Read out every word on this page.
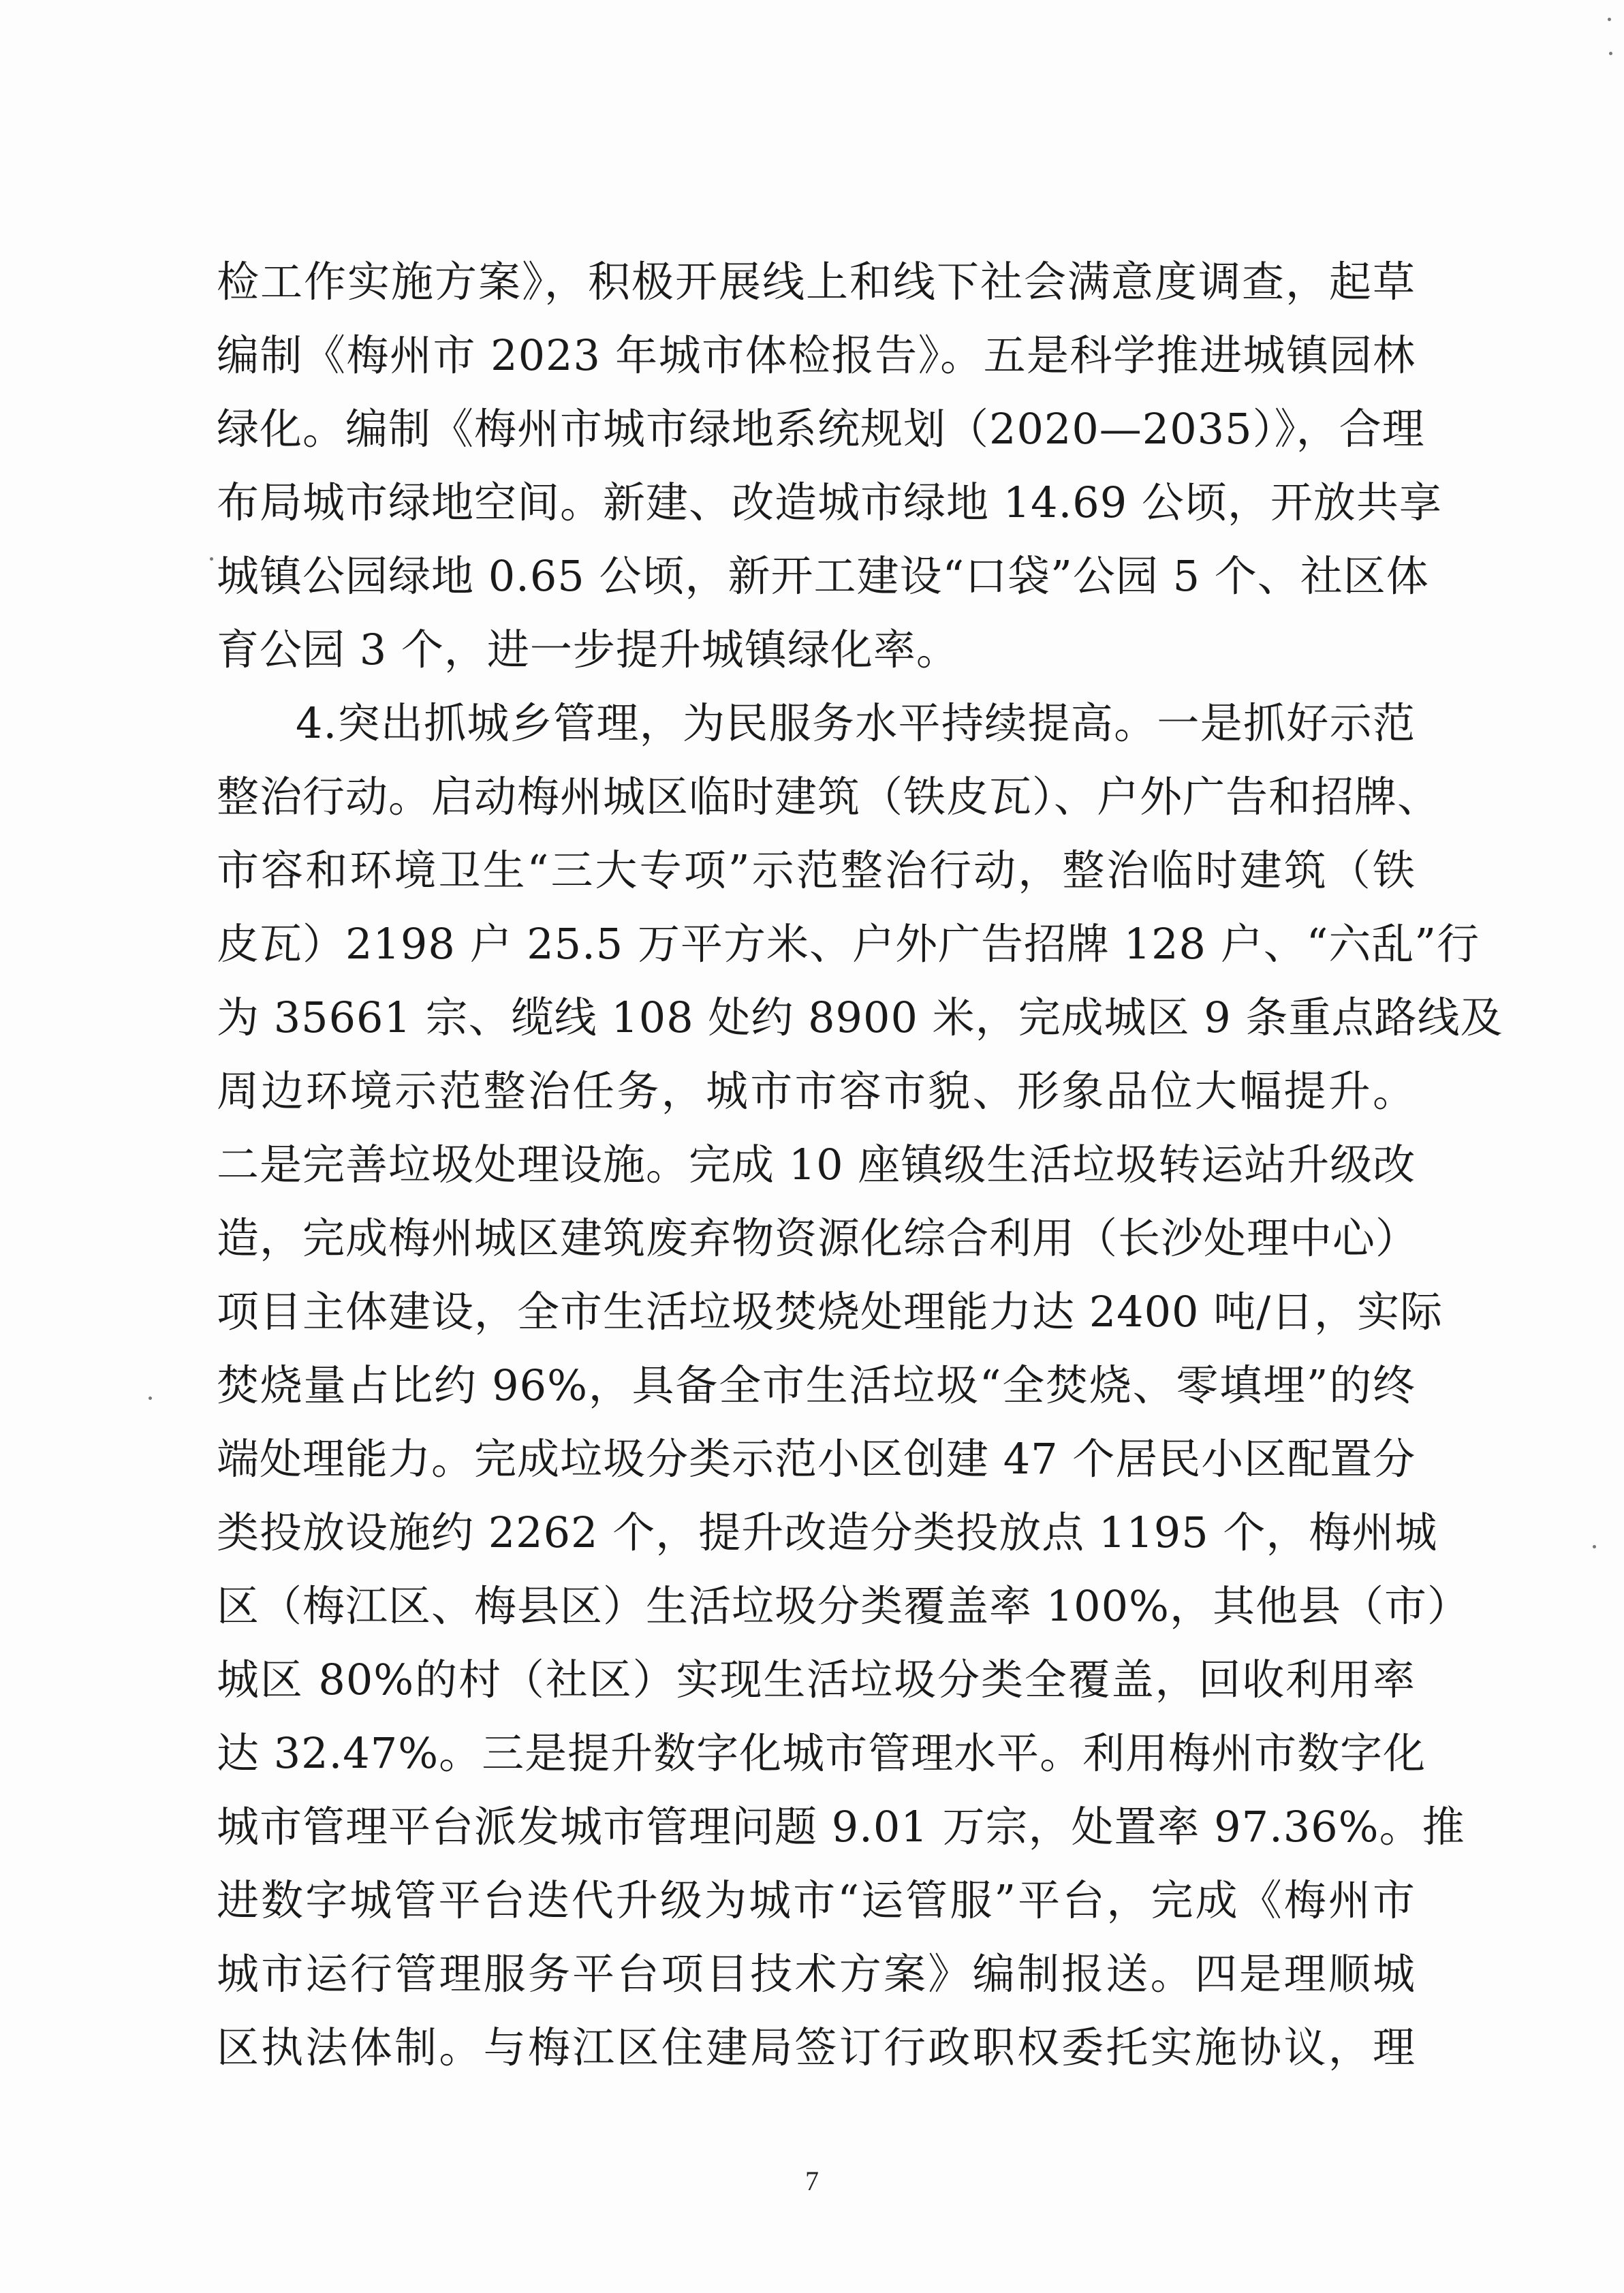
检工作实施方案》，积极开展线上和线下社会满意度调查，起草
编制《梅州市 2023 年城市体检报告》。五是科学推进城镇园林
绿化。编制《梅州市城市绿地系统规划（2020—2035）》，合理
布局城市绿地空间。新建、改造城市绿地 14.69 公顷，开放共享
城镇公园绿地 0.65 公顷，新开工建设“口袋”公园 5 个、社区体
育公园 3 个，进一步提升城镇绿化率。
4.突出抓城乡管理，为民服务水平持续提高。一是抓好示范
整治行动。启动梅州城区临时建筑（铁皮瓦）、户外广告和招牌、
市容和环境卫生“三大专项”示范整治行动，整治临时建筑（铁
皮瓦）2198 户 25.5 万平方米、户外广告招牌 128 户、“六乱”行
为 35661 宗、缆线 108 处约 8900 米，完成城区 9 条重点路线及
周边环境示范整治任务，城市市容市貌、形象品位大幅提升。
二是完善垃圾处理设施。完成 10 座镇级生活垃圾转运站升级改
造，完成梅州城区建筑废弃物资源化综合利用（长沙处理中心）
项目主体建设，全市生活垃圾焚烧处理能力达 2400 吨/日，实际
焚烧量占比约 96%，具备全市生活垃圾“全焚烧、零填埋”的终
端处理能力。完成垃圾分类示范小区创建 47 个居民小区配置分
类投放设施约 2262 个，提升改造分类投放点 1195 个，梅州城
区（梅江区、梅县区）生活垃圾分类覆盖率 100%，其他县（市）
城区 80%的村（社区）实现生活垃圾分类全覆盖，回收利用率
达 32.47%。三是提升数字化城市管理水平。利用梅州市数字化
城市管理平台派发城市管理问题 9.01 万宗，处置率 97.36%。推
进数字城管平台迭代升级为城市“运管服”平台，完成《梅州市
城市运行管理服务平台项目技术方案》编制报送。四是理顺城
区执法体制。与梅江区住建局签订行政职权委托实施协议，理
7
